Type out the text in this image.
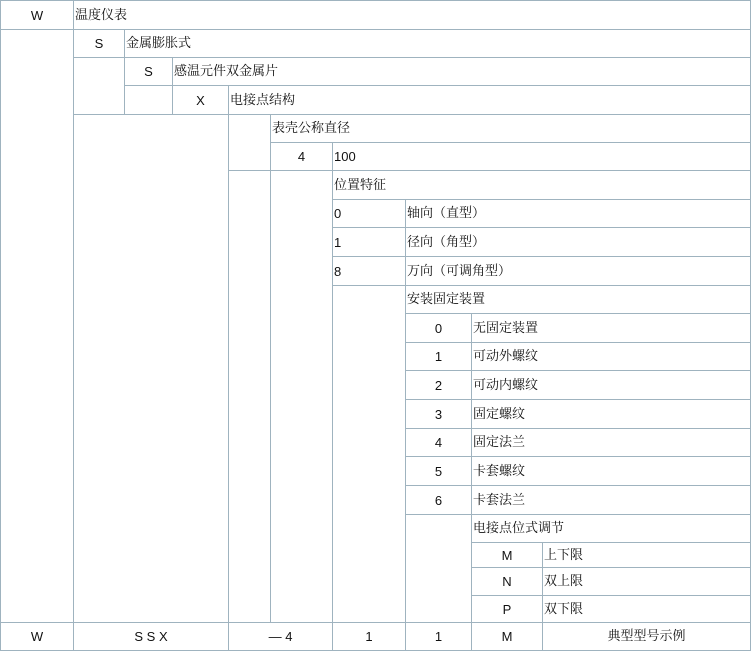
W	温度仪表
S	金属膨胀式
S	感温元件双金属片
X	电接点结构
表壳公称直径
4	100
位置特征
0	轴向（直型）
1	径向（角型）
8	万向（可调角型）
安装固定装置
0	无固定装置
1	可动外螺纹
2	可动内螺纹
3	固定螺纹
4	固定法兰
5	卡套螺纹
6	卡套法兰
电接点位式调节
M	上下限
N	双上限
P	双下限
W	S S X	— 4	1	1	M	典型型号示例
